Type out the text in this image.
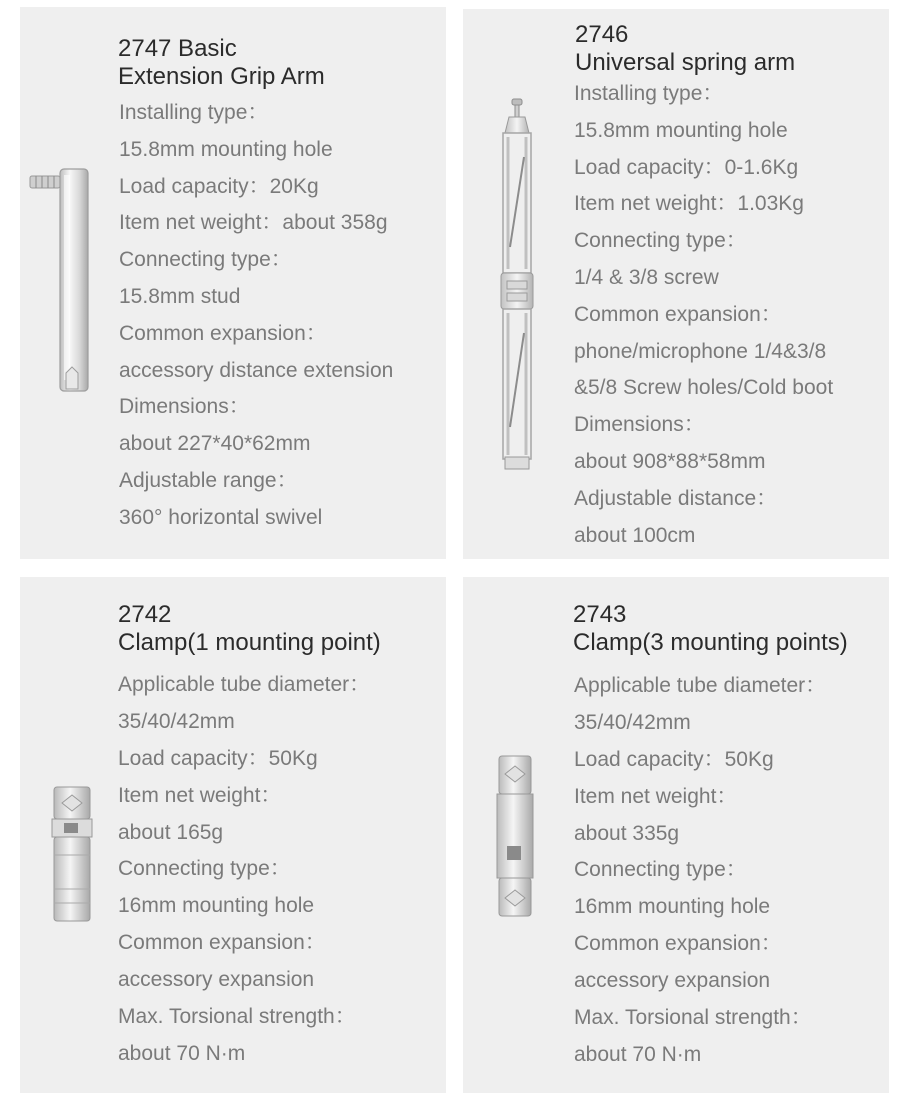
2747 Basic
Extension Grip Arm
Installing type：
15.8mm mounting hole
Load capacity：20Kg
Item net weight：about 358g
Connecting type：
15.8mm stud
Common expansion：
accessory distance extension
Dimensions：
about 227*40*62mm
Adjustable range：
360° horizontal swivel
2746
Universal spring arm
Installing type：
15.8mm mounting hole
Load capacity：0-1.6Kg
Item net weight：1.03Kg
Connecting type：
1/4 & 3/8 screw
Common expansion：
phone/microphone 1/4&3/8
&5/8 Screw holes/Cold boot
Dimensions：
about 908*88*58mm
Adjustable distance：
about 100cm
2742
Clamp(1 mounting point)
Applicable tube diameter：
35/40/42mm
Load capacity：50Kg
Item net weight：
about 165g
Connecting type：
16mm mounting hole
Common expansion：
accessory expansion
Max. Torsional strength：
about 70 N·m
2743
Clamp(3 mounting points)
Applicable tube diameter：
35/40/42mm
Load capacity：50Kg
Item net weight：
about 335g
Connecting type：
16mm mounting hole
Common expansion：
accessory expansion
Max. Torsional strength：
about 70 N·m
